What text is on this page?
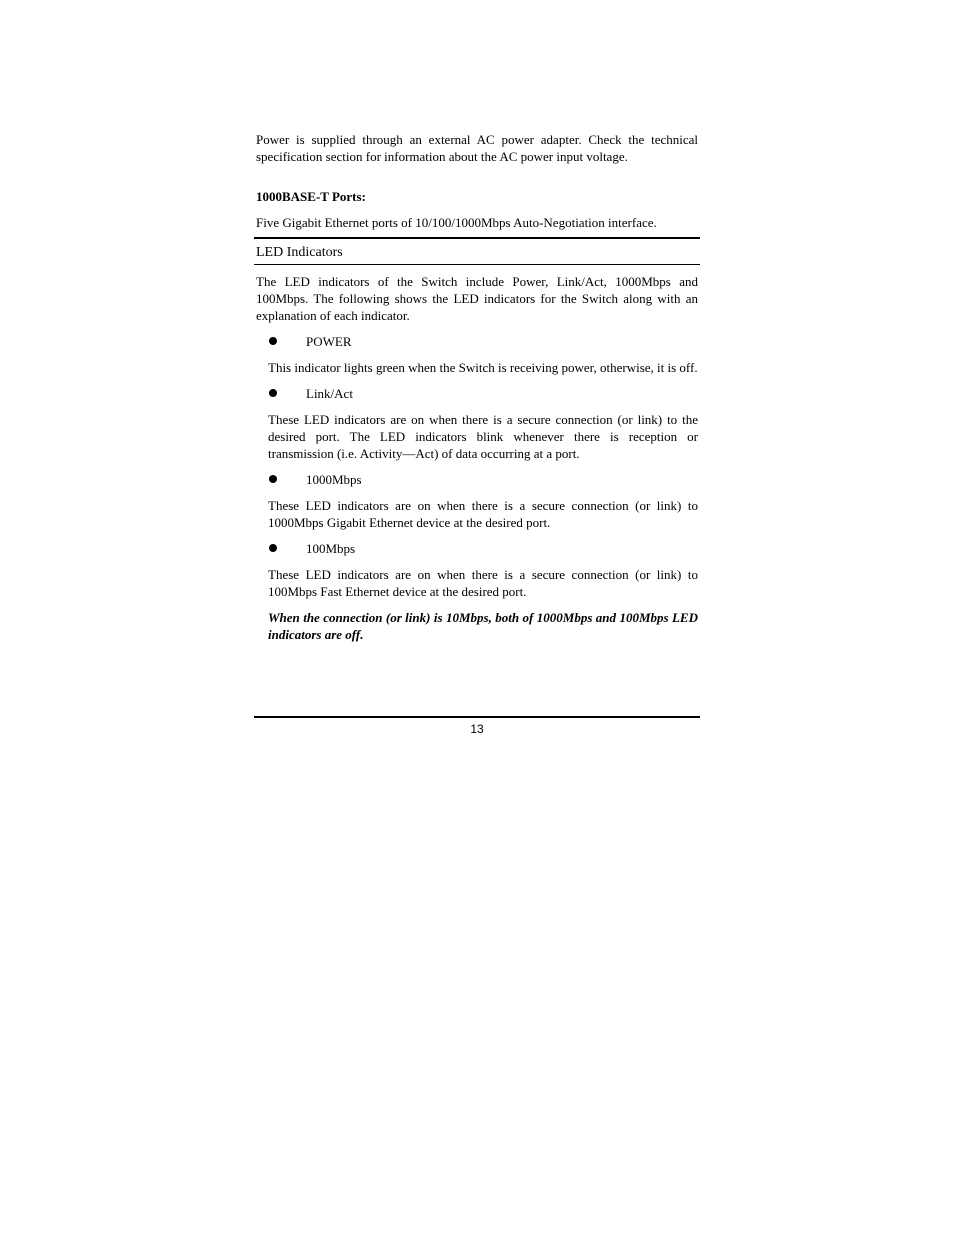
Power is supplied through an external AC power adapter. Check the technical specification section for information about the AC power input voltage.

1000BASE-T Ports:

Five Gigabit Ethernet ports of 10/100/1000Mbps Auto-Negotiation interface.

LED Indicators

The LED indicators of the Switch include Power, Link/Act, 1000Mbps and 100Mbps. The following shows the LED indicators for the Switch along with an explanation of each indicator.

POWER

This indicator lights green when the Switch is receiving power, otherwise, it is off.

Link/Act

These LED indicators are on when there is a secure connection (or link) to the desired port. The LED indicators blink whenever there is reception or transmission (i.e. Activity—Act) of data occurring at a port.

1000Mbps

These LED indicators are on when there is a secure connection (or link) to 1000Mbps Gigabit Ethernet device at the desired port.

100Mbps

These LED indicators are on when there is a secure connection (or link) to 100Mbps Fast Ethernet device at the desired port.

When the connection (or link) is 10Mbps, both of 1000Mbps and 100Mbps LED indicators are off.

13
